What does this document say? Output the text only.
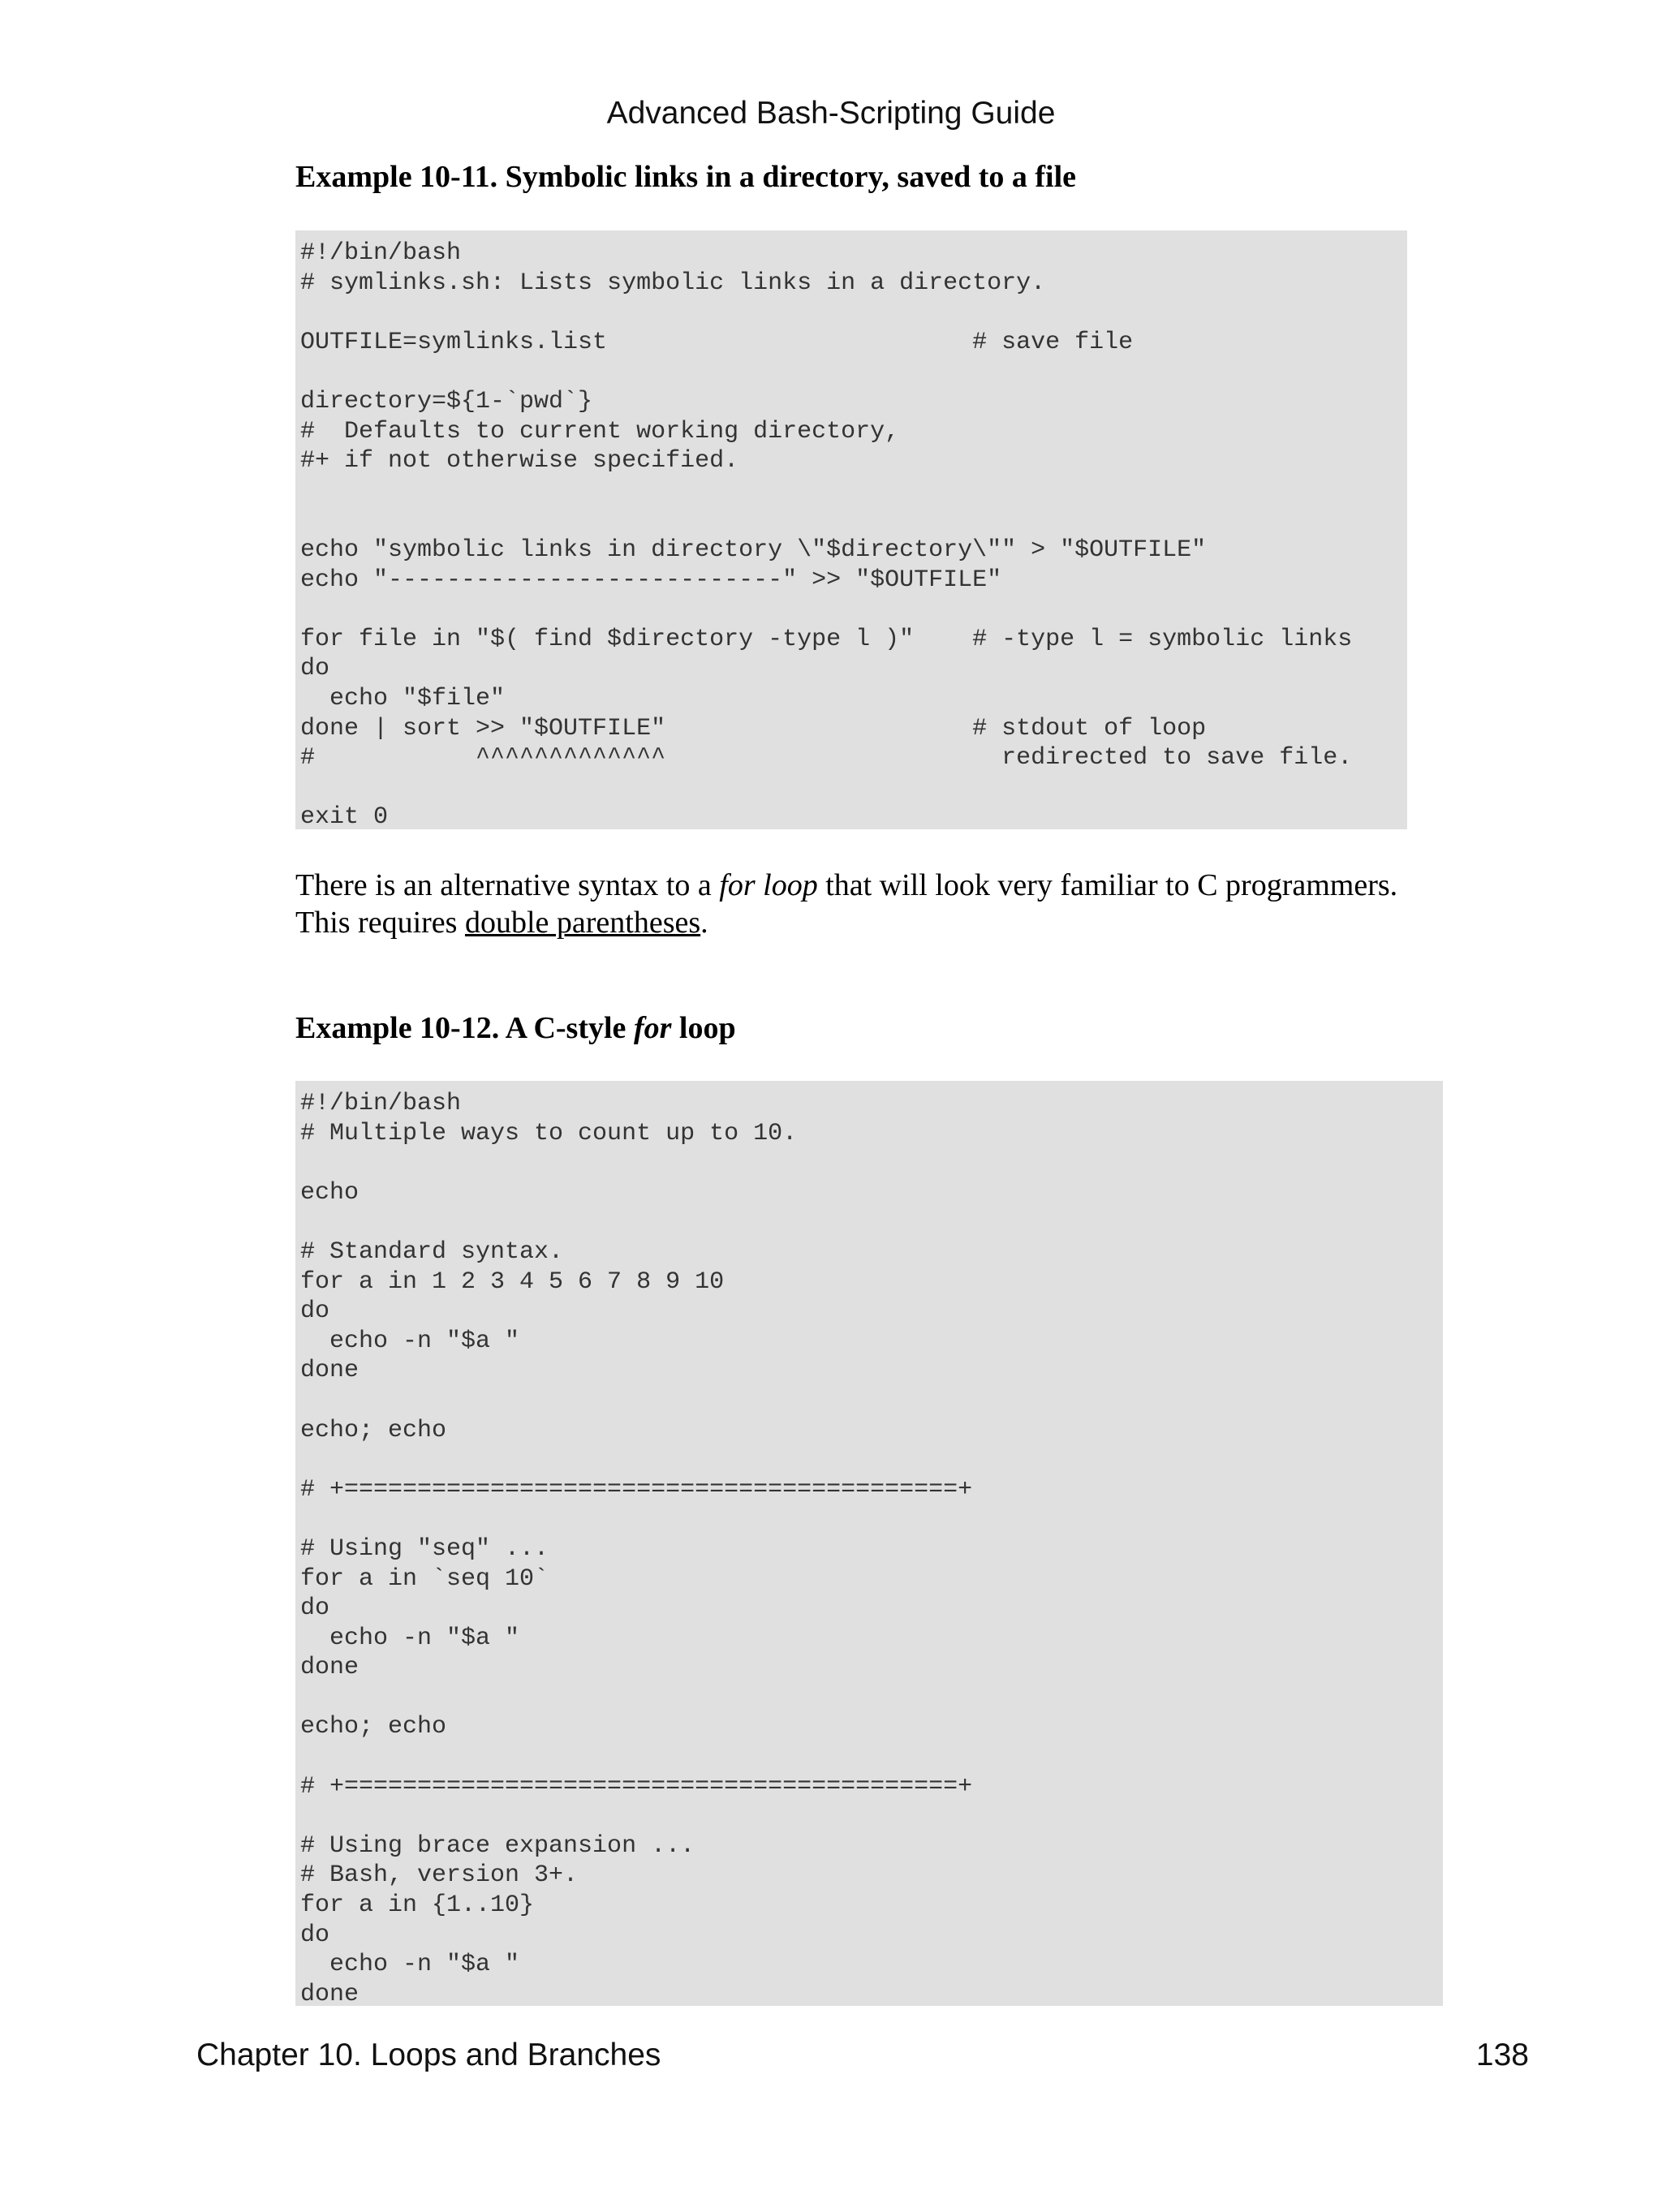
Advanced Bash-Scripting Guide
Example 10-11. Symbolic links in a directory, saved to a file
#!/bin/bash
# symlinks.sh: Lists symbolic links in a directory.

OUTFILE=symlinks.list                         # save file

directory=${1-`pwd`}
#  Defaults to current working directory,
#+ if not otherwise specified.

echo "symbolic links in directory \"$directory\"" > "$OUTFILE"
echo "---------------------------" >> "$OUTFILE"

for file in "$( find $directory -type l )"    # -type l = symbolic links
do
echo "$file"
done | sort >> "$OUTFILE"                     # stdout of loop
#           ^^^^^^^^^^^^^                       redirected to save file.

exit 0

There is an alternative syntax to a for loop that will look very familiar to C programmers. This requires double parentheses.

Example 10-12. A C-style for loop
#!/bin/bash
# Multiple ways to count up to 10.

echo

# Standard syntax.
for a in 1 2 3 4 5 6 7 8 9 10
do
echo -n "$a "
done

echo; echo

# +==========================================+

# Using "seq" ...
for a in `seq 10`
do
echo -n "$a "
done

echo; echo

# +==========================================+

# Using brace expansion ...
# Bash, version 3+.
for a in {1..10}
do
echo -n "$a "
done
Chapter 10. Loops and Branches	138
